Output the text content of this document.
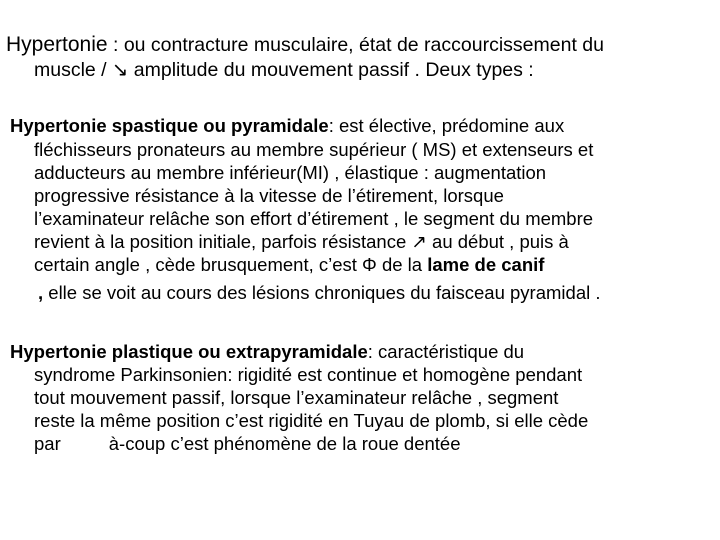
Hypertonie : ou contracture musculaire, état de raccourcissement du

muscle / ↘ amplitude du mouvement passif . Deux types :

Hypertonie spastique ou pyramidale: est élective, prédomine aux

fléchisseurs pronateurs au membre supérieur ( MS) et extenseurs et

adducteurs au membre inférieur(MI) , élastique : augmentation

progressive résistance à la vitesse de l’étirement, lorsque

l’examinateur relâche son effort d’étirement , le segment du membre

revient à la position initiale, parfois résistance ↗ au début , puis à

certain angle , cède brusquement, c’est Φ de la lame de canif

, elle se voit au cours des lésions chroniques du faisceau pyramidal .

Hypertonie plastique ou extrapyramidale: caractéristique du

syndrome Parkinsonien: rigidité est continue et homogène pendant

tout mouvement passif, lorsque l’examinateur relâche , segment

reste la même position c’est rigidité en Tuyau de plomb, si elle cède

par	à-coup c’est phénomène de la roue dentée
